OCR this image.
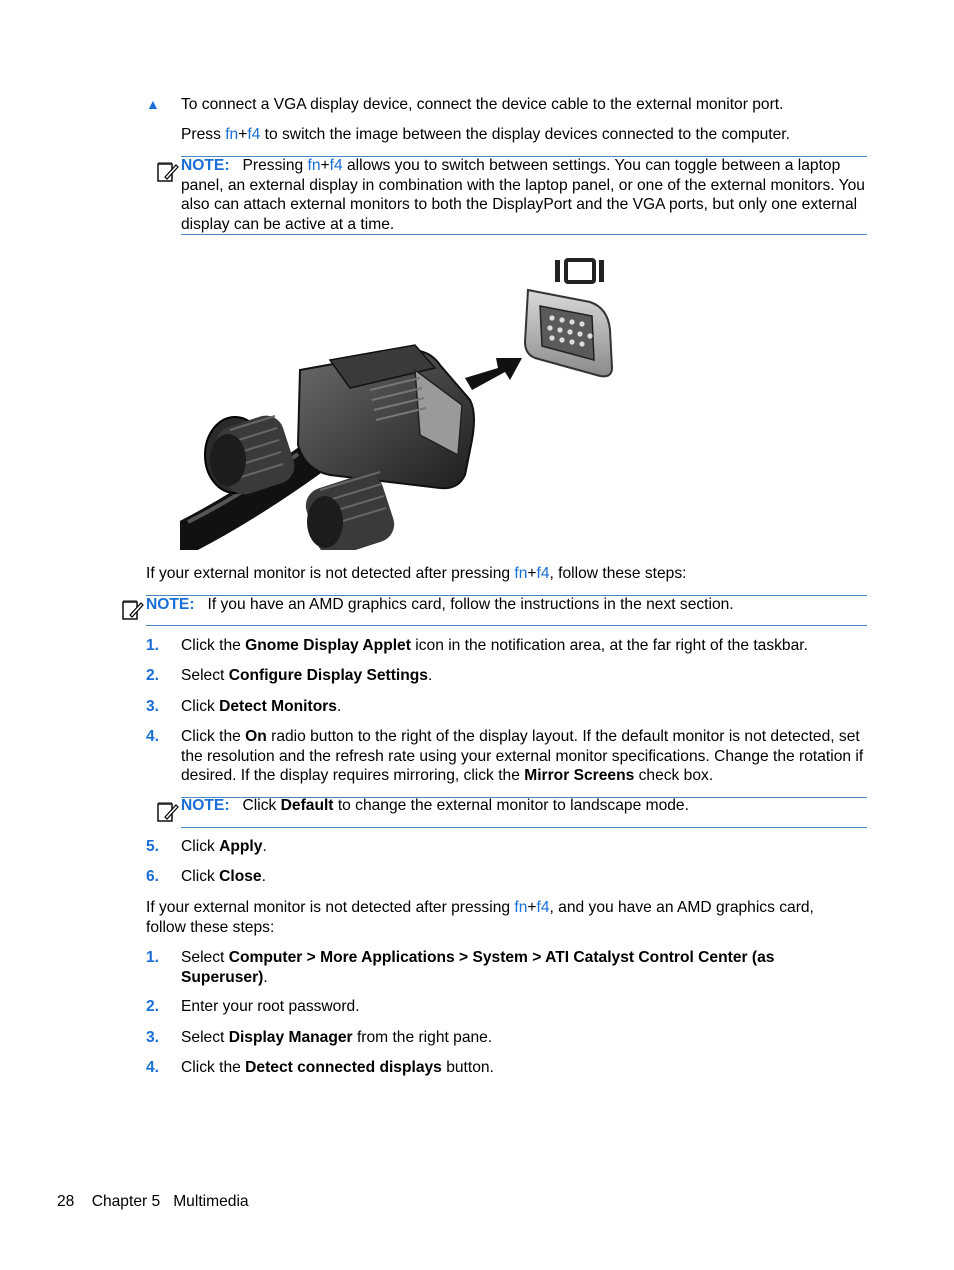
▲ To connect a VGA display device, connect the device cable to the external monitor port.

Press fn+f4 to switch the image between the display devices connected to the computer.

NOTE: Pressing fn+f4 allows you to switch between settings. You can toggle between a laptop panel, an external display in combination with the laptop panel, or one of the external monitors. You also can attach external monitors to both the DisplayPort and the VGA ports, but only one external display can be active at a time.

If your external monitor is not detected after pressing fn+f4, follow these steps:

NOTE: If you have an AMD graphics card, follow the instructions in the next section.

1. Click the Gnome Display Applet icon in the notification area, at the far right of the taskbar.

2. Select Configure Display Settings.

3. Click Detect Monitors.

4. Click the On radio button to the right of the display layout. If the default monitor is not detected, set the resolution and the refresh rate using your external monitor specifications. Change the rotation if desired. If the display requires mirroring, click the Mirror Screens check box.

NOTE: Click Default to change the external monitor to landscape mode.

5. Click Apply.

6. Click Close.

If your external monitor is not detected after pressing fn+f4, and you have an AMD graphics card, follow these steps:

1. Select Computer > More Applications > System > ATI Catalyst Control Center (as Superuser).

2. Enter your root password.

3. Select Display Manager from the right pane.

4. Click the Detect connected displays button.

28 Chapter 5 Multimedia
